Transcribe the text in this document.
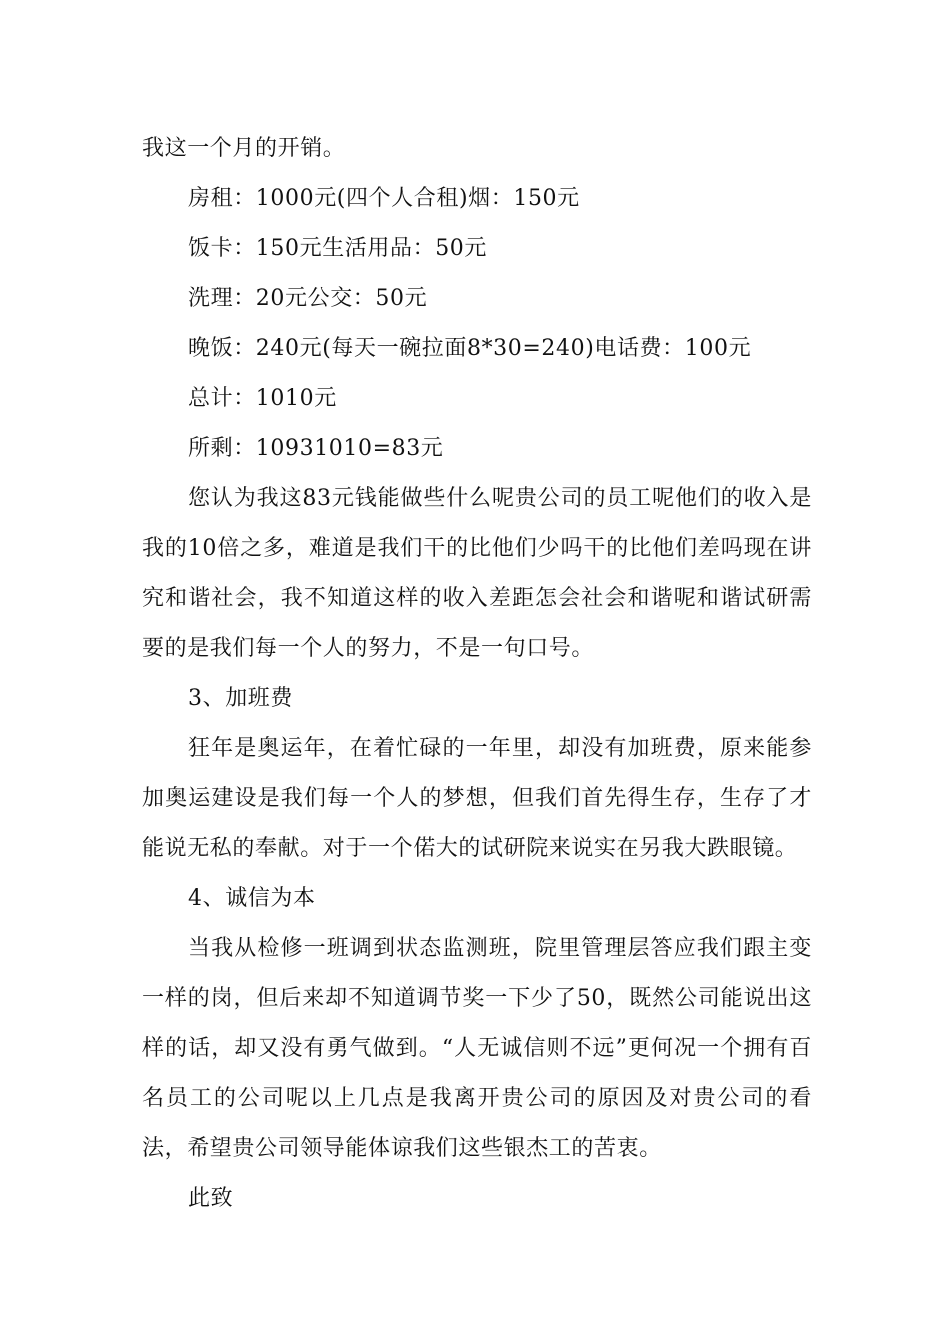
我这一个月的开销。

房租：1000元(四个人合租)烟：150元

饭卡：150元生活用品：50元

洗理：20元公交：50元

晚饭：240元(每天一碗拉面8*30=240)电话费：100元

总计：1010元

所剩：10931010=83元

您认为我这83元钱能做些什么呢贵公司的员工呢他们的收入是我的10倍之多，难道是我们干的比他们少吗干的比他们差吗现在讲究和谐社会，我不知道这样的收入差距怎会社会和谐呢和谐试研需要的是我们每一个人的努力，不是一句口号。

3、加班费

狂年是奥运年，在着忙碌的一年里，却没有加班费，原来能参加奥运建设是我们每一个人的梦想，但我们首先得生存，生存了才能说无私的奉献。对于一个偌大的试研院来说实在另我大跌眼镜。

4、诚信为本

当我从检修一班调到状态监测班，院里管理层答应我们跟主变一样的岗，但后来却不知道调节奖一下少了50，既然公司能说出这样的话，却又没有勇气做到。“人无诚信则不远”更何况一个拥有百名员工的公司呢以上几点是我离开贵公司的原因及对贵公司的看法，希望贵公司领导能体谅我们这些银杰工的苦衷。

此致
